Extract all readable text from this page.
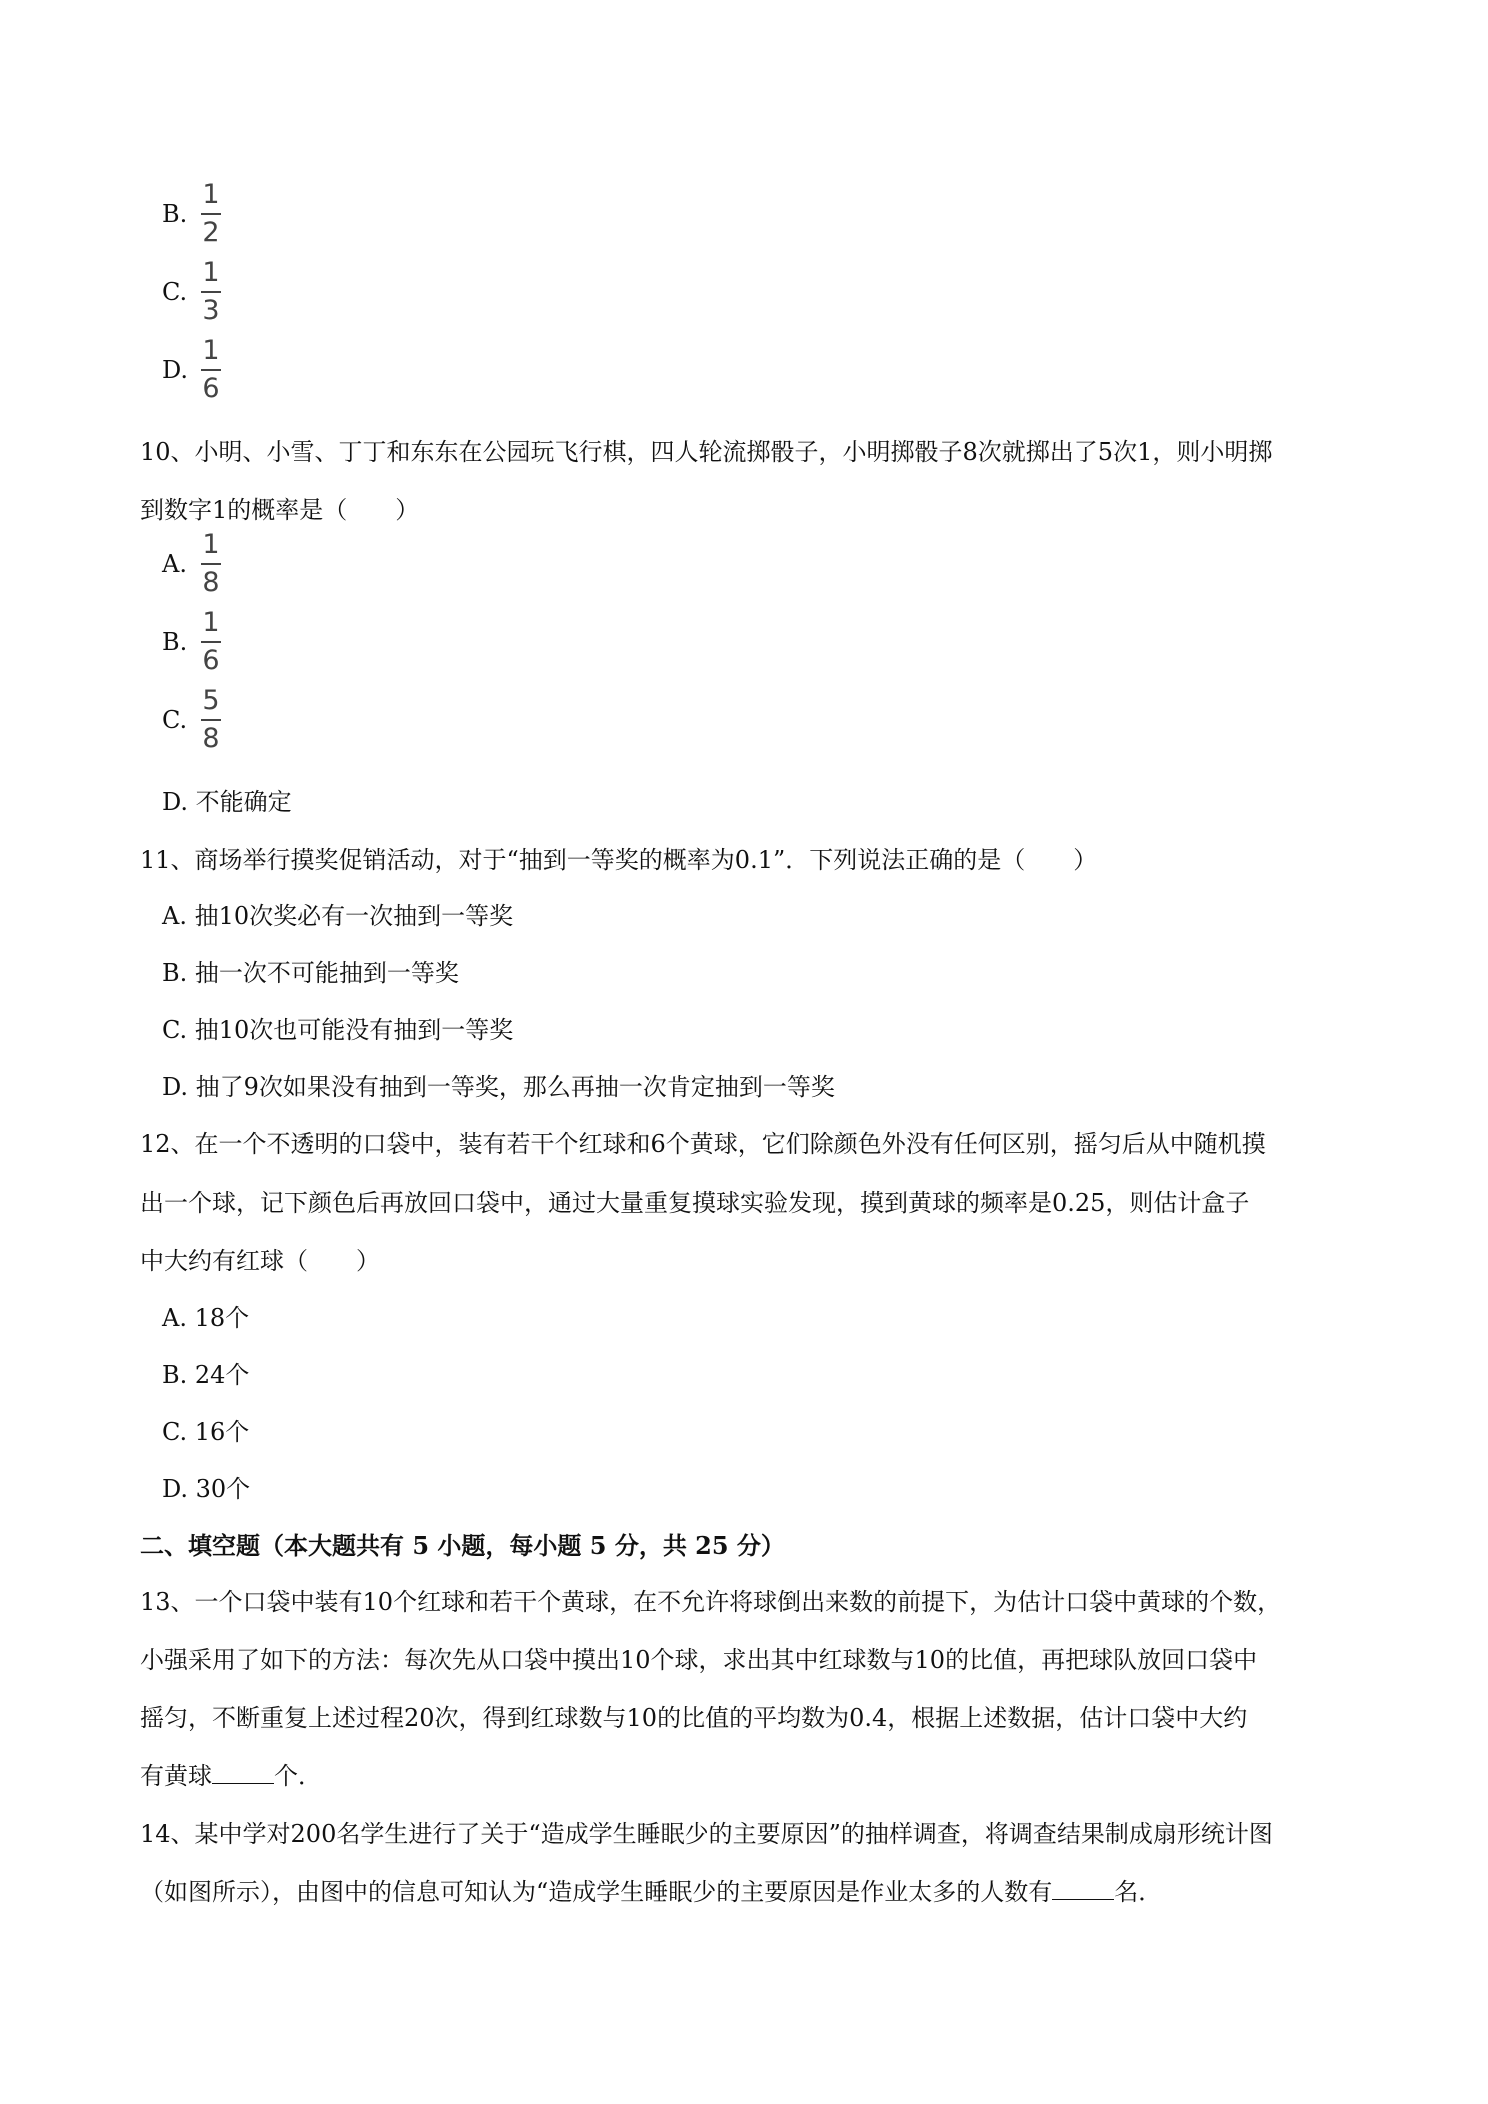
B.
1
2
C.
1
3
D.
1
6
10、小明、小雪、丁丁和东东在公园玩飞行棋，四人轮流掷骰子，小明掷骰子8次就掷出了5次1，则小明掷
到数字1的概率是（　　）
A.
1
8
B.
1
6
C.
5
8
D. 不能确定
11、商场举行摸奖促销活动，对于“抽到一等奖的概率为0.1”．下列说法正确的是（　　）
A. 抽10次奖必有一次抽到一等奖
B. 抽一次不可能抽到一等奖
C. 抽10次也可能没有抽到一等奖
D. 抽了9次如果没有抽到一等奖，那么再抽一次肯定抽到一等奖
12、在一个不透明的口袋中，装有若干个红球和6个黄球，它们除颜色外没有任何区别，摇匀后从中随机摸
出一个球，记下颜色后再放回口袋中，通过大量重复摸球实验发现，摸到黄球的频率是0.25，则估计盒子
中大约有红球（　　）
A. 18个
B. 24个
C. 16个
D. 30个
二、填空题（本大题共有 5 小题，每小题 5 分，共 25 分）
13、一个口袋中装有10个红球和若干个黄球，在不允许将球倒出来数的前提下，为估计口袋中黄球的个数，
小强采用了如下的方法：每次先从口袋中摸出10个球，求出其中红球数与10的比值，再把球队放回口袋中
摇匀，不断重复上述过程20次，得到红球数与10的比值的平均数为0.4，根据上述数据，估计口袋中大约
有黄球	个．
14、某中学对200名学生进行了关于“造成学生睡眠少的主要原因”的抽样调查，将调查结果制成扇形统计图
（如图所示），由图中的信息可知认为“造成学生睡眠少的主要原因是作业太多的人数有	名．
